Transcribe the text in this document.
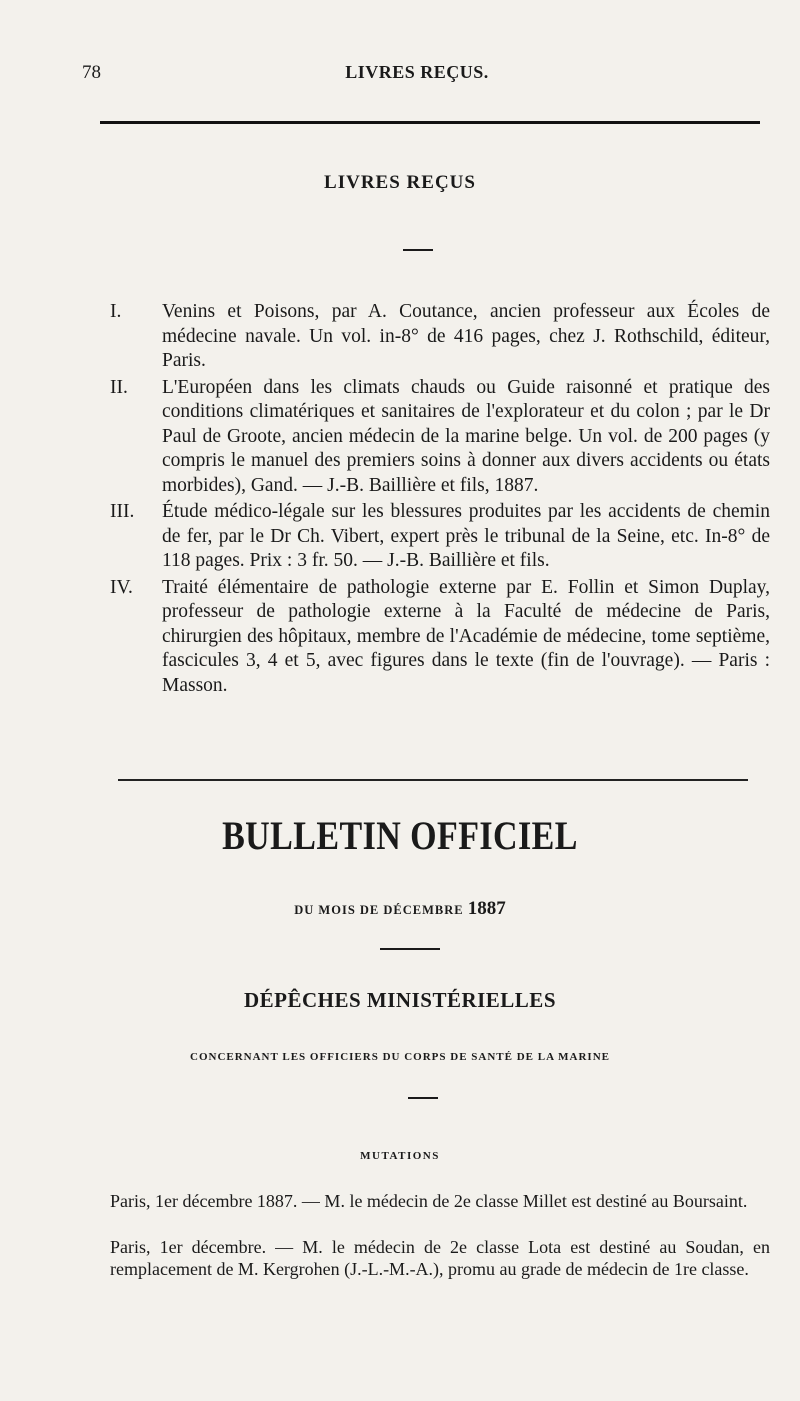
78	LIVRES REÇUS.
LIVRES REÇUS
I.	Venins et Poisons, par A. Coutance, ancien professeur aux Écoles de médecine navale. Un vol. in-8° de 416 pages, chez J. Rothschild, éditeur, Paris.
II.	L'Européen dans les climats chauds ou Guide raisonné et pratique des conditions climatériques et sanitaires de l'explorateur et du colon ; par le Dr Paul de Groote, ancien médecin de la marine belge. Un vol. de 200 pages (y compris le manuel des premiers soins à donner aux divers accidents ou états morbides), Gand. — J.-B. Baillière et fils, 1887.
III.	Étude médico-légale sur les blessures produites par les accidents de chemin de fer, par le Dr Ch. Vibert, expert près le tribunal de la Seine, etc. In-8° de 118 pages. Prix : 3 fr. 50. — J.-B. Baillière et fils.
IV.	Traité élémentaire de pathologie externe par E. Follin et Simon Duplay, professeur de pathologie externe à la Faculté de médecine de Paris, chirurgien des hôpitaux, membre de l'Académie de médecine, tome septième, fascicules 3, 4 et 5, avec figures dans le texte (fin de l'ouvrage). — Paris : Masson.
BULLETIN OFFICIEL
DU MOIS DE DÉCEMBRE 1887
DÉPÊCHES MINISTÉRIELLES
CONCERNANT LES OFFICIERS DU CORPS DE SANTÉ DE LA MARINE
MUTATIONS
Paris, 1er décembre 1887. — M. le médecin de 2e classe Millet est destiné au Boursaint.
Paris, 1er décembre. — M. le médecin de 2e classe Lota est destiné au Soudan, en remplacement de M. Kergrohen (J.-L.-M.-A.), promu au grade de médecin de 1re classe.
